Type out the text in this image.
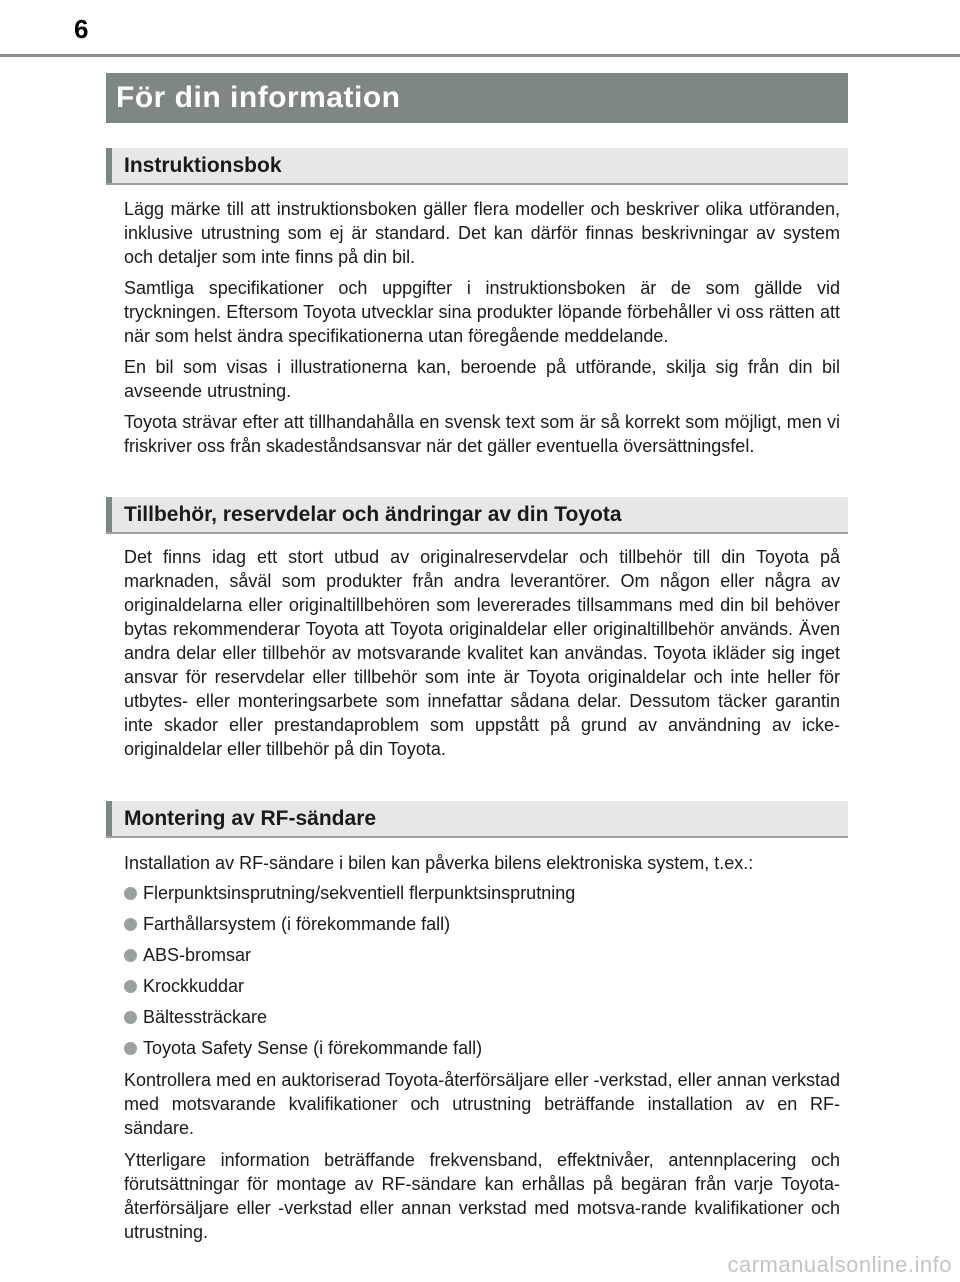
6
För din information
Instruktionsbok

Lägg märke till att instruktionsboken gäller flera modeller och beskriver olika utföranden, inklusive utrustning som ej är standard. Det kan därför finnas beskrivningar av system och detaljer som inte finns på din bil.

Samtliga specifikationer och uppgifter i instruktionsboken är de som gällde vid tryckningen. Eftersom Toyota utvecklar sina produkter löpande förbehåller vi oss rätten att när som helst ändra specifikationerna utan föregående meddelande.

En bil som visas i illustrationerna kan, beroende på utförande, skilja sig från din bil avseende utrustning.

Toyota strävar efter att tillhandahålla en svensk text som är så korrekt som möjligt, men vi friskriver oss från skadeståndsansvar när det gäller eventuella översättningsfel.

Tillbehör, reservdelar och ändringar av din Toyota

Det finns idag ett stort utbud av originalreservdelar och tillbehör till din Toyota på marknaden, såväl som produkter från andra leverantörer. Om någon eller några av originaldelarna eller originaltillbehören som levererades tillsammans med din bil behöver bytas rekommenderar Toyota att Toyota originaldelar eller originaltillbehör används. Även andra delar eller tillbehör av motsvarande kvalitet kan användas. Toyota ikläder sig inget ansvar för reservdelar eller tillbehör som inte är Toyota originaldelar och inte heller för utbytes- eller monteringsarbete som innefattar sådana delar. Dessutom täcker garantin inte skador eller prestandaproblem som uppstått på grund av användning av icke-originaldelar eller tillbehör på din Toyota.

Montering av RF-sändare

Installation av RF-sändare i bilen kan påverka bilens elektroniska system, t.ex.:

Flerpunktsinsprutning/sekventiell flerpunktsinsprutning
Farthållarsystem (i förekommande fall)
ABS-bromsar
Krockkuddar
Bältessträckare
Toyota Safety Sense (i förekommande fall)

Kontrollera med en auktoriserad Toyota-återförsäljare eller -verkstad, eller annan verkstad med motsvarande kvalifikationer och utrustning beträffande installation av en RF-sändare.

Ytterligare information beträffande frekvensband, effektnivåer, antennplacering och förutsättningar för montage av RF-sändare kan erhållas på begäran från varje Toyota-återförsäljare eller -verkstad eller annan verkstad med motsva-rande kvalifikationer och utrustning.

carmanualsonline.info
